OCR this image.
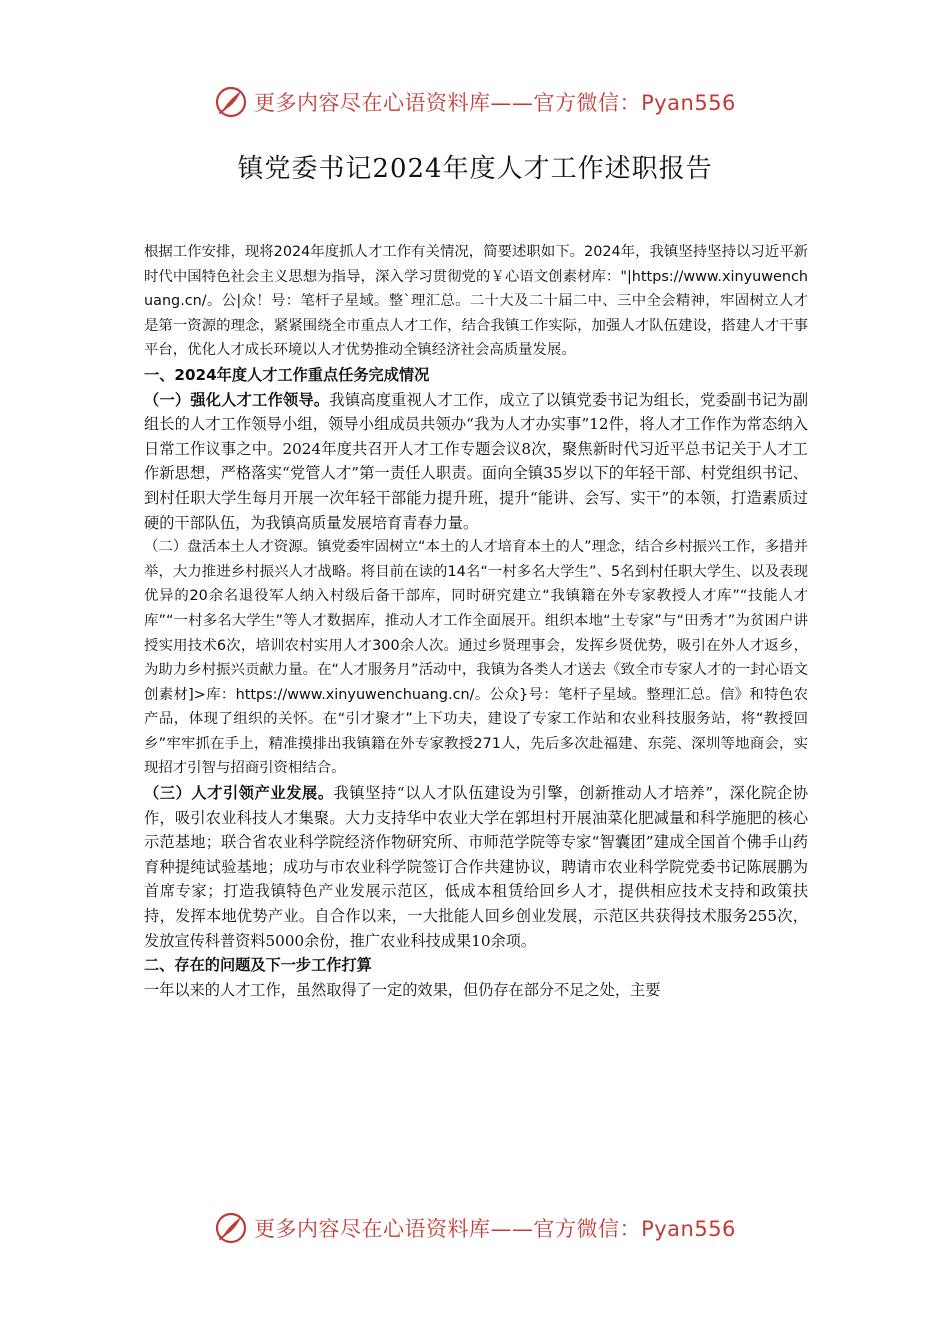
更多内容尽在心语资料库——官方微信：Pyan556
镇党委书记2024年度人才工作述职报告

根据工作安排，现将2024年度抓人才工作有关情况，简要述职如下。2024年，我镇坚持坚持以习近平新时代中国特色社会主义思想为指导，深入学习贯彻党的￥心语文创素材库："|https://www.xinyuwenchuang.cn/。公|众！号：笔杆子星域。整`理汇总。二十大及二十届二中、三中全会精神，牢固树立人才是第一资源的理念，紧紧围绕全市重点人才工作，结合我镇工作实际，加强人才队伍建设，搭建人才干事平台，优化人才成长环境以人才优势推动全镇经济社会高质量发展。

一、2024年度人才工作重点任务完成情况

（一）强化人才工作领导。我镇高度重视人才工作，成立了以镇党委书记为组长，党委副书记为副组长的人才工作领导小组，领导小组成员共领办“我为人才办实事”12件，将人才工作作为常态纳入日常工作议事之中。2024年度共召开人才工作专题会议8次，聚焦新时代习近平总书记关于人才工作新思想，严格落实“党管人才”第一责任人职责。面向全镇35岁以下的年轻干部、村党组织书记、到村任职大学生每月开展一次年轻干部能力提升班，提升“能讲、会写、实干”的本领，打造素质过硬的干部队伍，为我镇高质量发展培育青春力量。

（二）盘活本土人才资源。镇党委牢固树立“本土的人才培育本土的人”理念，结合乡村振兴工作，多措并举，大力推进乡村振兴人才战略。将目前在读的14名“一村多名大学生”、5名到村任职大学生、以及表现优异的20余名退役军人纳入村级后备干部库，同时研究建立“我镇籍在外专家教授人才库”“技能人才库”“一村多名大学生”等人才数据库，推动人才工作全面展开。组织本地“土专家”与“田秀才”为贫困户讲授实用技术6次，培训农村实用人才300余人次。通过乡贤理事会，发挥乡贤优势，吸引在外人才返乡，为助力乡村振兴贡献力量。在“人才服务月”活动中，我镇为各类人才送去《致全市专家人才的一封心语文创素材]>库：https://www.xinyuwenchuang.cn/。公众}号：笔杆子星域。整理汇总。信》和特色农产品，体现了组织的关怀。在“引才聚才”上下功夫，建设了专家工作站和农业科技服务站，将“教授回乡”牢牢抓在手上，精准摸排出我镇籍在外专家教授271人，先后多次赴福建、东莞、深圳等地商会，实现招才引智与招商引资相结合。

（三）人才引领产业发展。我镇坚持“以人才队伍建设为引擎，创新推动人才培养”，深化院企协作，吸引农业科技人才集聚。大力支持华中农业大学在郭坦村开展油菜化肥减量和科学施肥的核心示范基地；联合省农业科学院经济作物研究所、市师范学院等专家“智囊团”建成全国首个佛手山药育种提纯试验基地；成功与市农业科学院签订合作共建协议，聘请市农业科学院党委书记陈展鹏为首席专家；打造我镇特色产业发展示范区，低成本租赁给回乡人才，提供相应技术支持和政策扶持，发挥本地优势产业。自合作以来，一大批能人回乡创业发展，示范区共获得技术服务255次，发放宣传科普资料5000余份，推广农业科技成果10余项。

二、存在的问题及下一步工作打算

一年以来的人才工作，虽然取得了一定的效果，但仍存在部分不足之处，主要

更多内容尽在心语资料库——官方微信：Pyan556
